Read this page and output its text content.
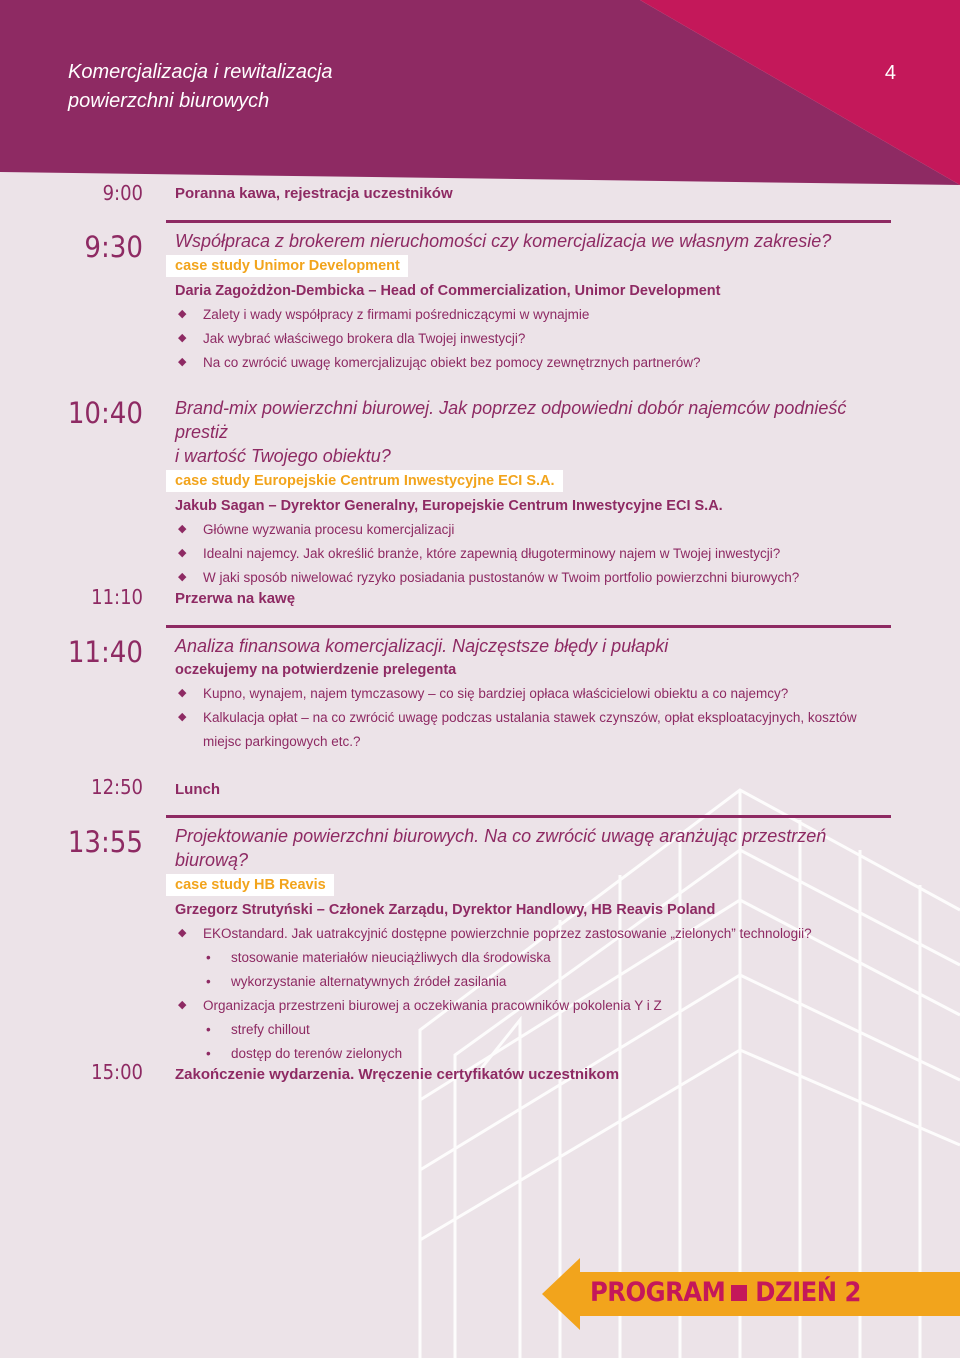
Komercjalizacja i rewitalizacja
powierzchni biurowych
4
9:00 Poranna kawa, rejestracja uczestników
9:30 Współpraca z brokerem nieruchomości czy komercjalizacja we własnym zakresie?
case study Unimor Development
Daria Zagożdżon-Dembicka – Head of Commercialization, Unimor Development
◆ Zalety i wady współpracy z firmami pośredniczącymi w wynajmie
◆ Jak wybrać właściwego brokera dla Twojej inwestycji?
◆ Na co zwrócić uwagę komercjalizując obiekt bez pomocy zewnętrznych partnerów?
10:40 Brand-mix powierzchni biurowej. Jak poprzez odpowiedni dobór najemców podnieść prestiż
i wartość Twojego obiektu?
case study Europejskie Centrum Inwestycyjne ECI S.A.
Jakub Sagan – Dyrektor Generalny, Europejskie Centrum Inwestycyjne ECI S.A.
◆ Główne wyzwania procesu komercjalizacji
◆ Idealni najemcy. Jak określić branże, które zapewnią długoterminowy najem w Twojej inwestycji?
◆ W jaki sposób niwelować ryzyko posiadania pustostanów w Twoim portfolio powierzchni biurowych?
11:10 Przerwa na kawę
11:40 Analiza finansowa komercjalizacji. Najczęstsze błędy i pułapki
oczekujemy na potwierdzenie prelegenta
◆ Kupno, wynajem, najem tymczasowy – co się bardziej opłaca właścicielowi obiektu a co najemcy?
◆ Kalkulacja opłat – na co zwrócić uwagę podczas ustalania stawek czynszów, opłat eksploatacyjnych, kosztów
miejsc parkingowych etc.?
12:50 Lunch
13:55 Projektowanie powierzchni biurowych. Na co zwrócić uwagę aranżując przestrzeń biurową?
case study HB Reavis
Grzegorz Strutyński – Członek Zarządu, Dyrektor Handlowy, HB Reavis Poland
◆ EKOstandard. Jak uatrakcyjnić dostępne powierzchnie poprzez zastosowanie „zielonych” technologii?
• stosowanie materiałów nieuciążliwych dla środowiska
• wykorzystanie alternatywnych źródeł zasilania
◆ Organizacja przestrzeni biurowej a oczekiwania pracowników pokolenia Y i Z
• strefy chillout
• dostęp do terenów zielonych
15:00 Zakończenie wydarzenia. Wręczenie certyfikatów uczestnikom
PROGRAM DZIEŃ 2
